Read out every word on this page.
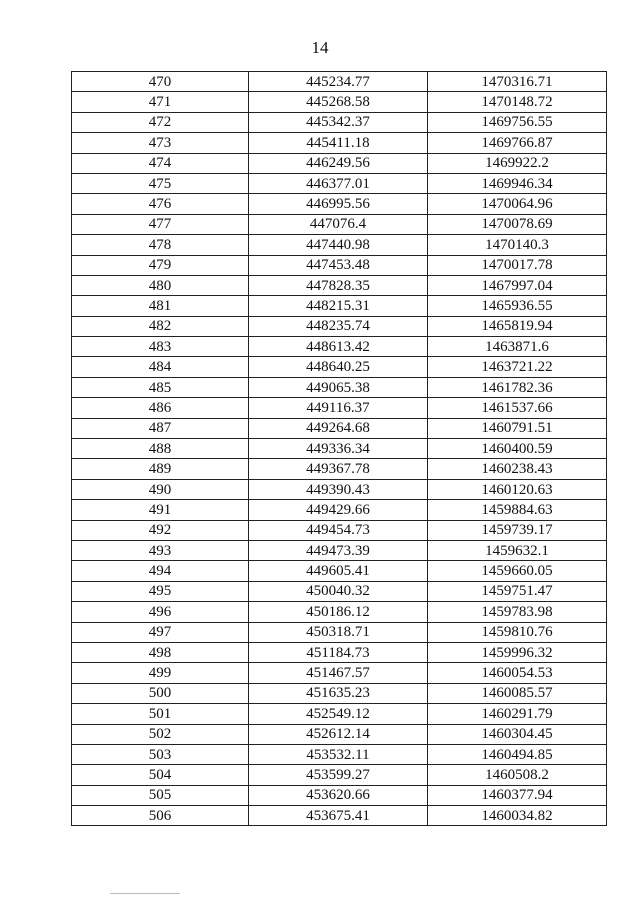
14
470	445234.77	1470316.71
471	445268.58	1470148.72
472	445342.37	1469756.55
473	445411.18	1469766.87
474	446249.56	1469922.2
475	446377.01	1469946.34
476	446995.56	1470064.96
477	447076.4	1470078.69
478	447440.98	1470140.3
479	447453.48	1470017.78
480	447828.35	1467997.04
481	448215.31	1465936.55
482	448235.74	1465819.94
483	448613.42	1463871.6
484	448640.25	1463721.22
485	449065.38	1461782.36
486	449116.37	1461537.66
487	449264.68	1460791.51
488	449336.34	1460400.59
489	449367.78	1460238.43
490	449390.43	1460120.63
491	449429.66	1459884.63
492	449454.73	1459739.17
493	449473.39	1459632.1
494	449605.41	1459660.05
495	450040.32	1459751.47
496	450186.12	1459783.98
497	450318.71	1459810.76
498	451184.73	1459996.32
499	451467.57	1460054.53
500	451635.23	1460085.57
501	452549.12	1460291.79
502	452612.14	1460304.45
503	453532.11	1460494.85
504	453599.27	1460508.2
505	453620.66	1460377.94
506	453675.41	1460034.82
